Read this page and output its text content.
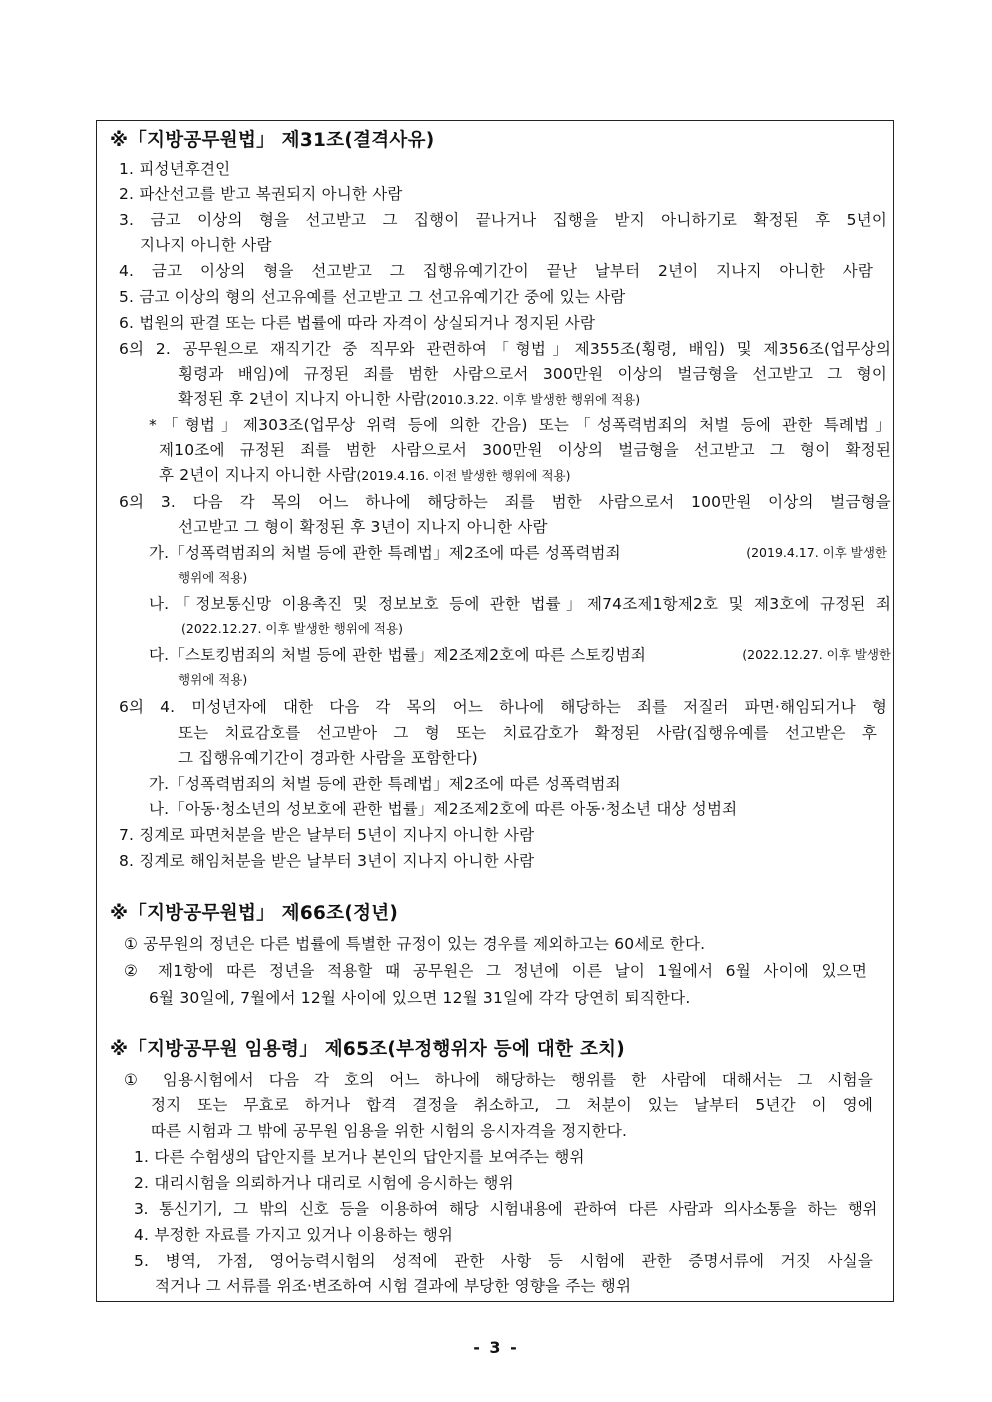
※「지방공무원법」 제31조(결격사유)
1. 피성년후견인
2. 파산선고를 받고 복권되지 아니한 사람
3. 금고 이상의 형을 선고받고 그 집행이 끝나거나 집행을 받지 아니하기로 확정된 후 5년이
지나지 아니한 사람
4. 금고 이상의 형을 선고받고 그 집행유예기간이 끝난 날부터 2년이 지나지 아니한 사람
5. 금고 이상의 형의 선고유예를 선고받고 그 선고유예기간 중에 있는 사람
6. 법원의 판결 또는 다른 법률에 따라 자격이 상실되거나 정지된 사람
6의 2. 공무원으로 재직기간 중 직무와 관련하여「형법」제355조(횡령, 배임) 및 제356조(업무상의
횡령과 배임)에 규정된 죄를 범한 사람으로서 300만원 이상의 벌금형을 선고받고 그 형이
확정된 후 2년이 지나지 아니한 사람(2010.3.22. 이후 발생한 행위에 적용)
*「형법」제303조(업무상 위력 등에 의한 간음) 또는「성폭력범죄의 처벌 등에 관한 특례법」
제10조에 규정된 죄를 범한 사람으로서 300만원 이상의 벌금형을 선고받고 그 형이 확정된
후 2년이 지나지 아니한 사람(2019.4.16. 이전 발생한 행위에 적용)
6의 3. 다음 각 목의 어느 하나에 해당하는 죄를 범한 사람으로서 100만원 이상의 벌금형을
선고받고 그 형이 확정된 후 3년이 지나지 아니한 사람
가.「성폭력범죄의 처벌 등에 관한 특례법」제2조에 따른 성폭력범죄	(2019.4.17. 이후 발생한
행위에 적용)
나.「정보통신망 이용촉진 및 정보보호 등에 관한 법률」제74조제1항제2호 및 제3호에 규정된 죄
(2022.12.27. 이후 발생한 행위에 적용)
다.「스토킹범죄의 처벌 등에 관한 법률」제2조제2호에 따른 스토킹범죄	(2022.12.27. 이후 발생한
행위에 적용)
6의 4. 미성년자에 대한 다음 각 목의 어느 하나에 해당하는 죄를 저질러 파면·해임되거나 형
또는 치료감호를 선고받아 그 형 또는 치료감호가 확정된 사람(집행유예를 선고받은 후
그 집행유예기간이 경과한 사람을 포함한다)
가.「성폭력범죄의 처벌 등에 관한 특례법」제2조에 따른 성폭력범죄
나.「아동·청소년의 성보호에 관한 법률」제2조제2호에 따른 아동·청소년 대상 성범죄
7. 징계로 파면처분을 받은 날부터 5년이 지나지 아니한 사람
8. 징계로 해임처분을 받은 날부터 3년이 지나지 아니한 사람
※「지방공무원법」 제66조(정년)
① 공무원의 정년은 다른 법률에 특별한 규정이 있는 경우를 제외하고는 60세로 한다.
② 제1항에 따른 정년을 적용할 때 공무원은 그 정년에 이른 날이 1월에서 6월 사이에 있으면
6월 30일에, 7월에서 12월 사이에 있으면 12월 31일에 각각 당연히 퇴직한다.
※「지방공무원 임용령」 제65조(부정행위자 등에 대한 조치)
① 임용시험에서 다음 각 호의 어느 하나에 해당하는 행위를 한 사람에 대해서는 그 시험을
정지 또는 무효로 하거나 합격 결정을 취소하고, 그 처분이 있는 날부터 5년간 이 영에
따른 시험과 그 밖에 공무원 임용을 위한 시험의 응시자격을 정지한다.
1. 다른 수험생의 답안지를 보거나 본인의 답안지를 보여주는 행위
2. 대리시험을 의뢰하거나 대리로 시험에 응시하는 행위
3. 통신기기, 그 밖의 신호 등을 이용하여 해당 시험내용에 관하여 다른 사람과 의사소통을 하는 행위
4. 부정한 자료를 가지고 있거나 이용하는 행위
5. 병역, 가점, 영어능력시험의 성적에 관한 사항 등 시험에 관한 증명서류에 거짓 사실을
적거나 그 서류를 위조·변조하여 시험 결과에 부당한 영향을 주는 행위
- 3 -
